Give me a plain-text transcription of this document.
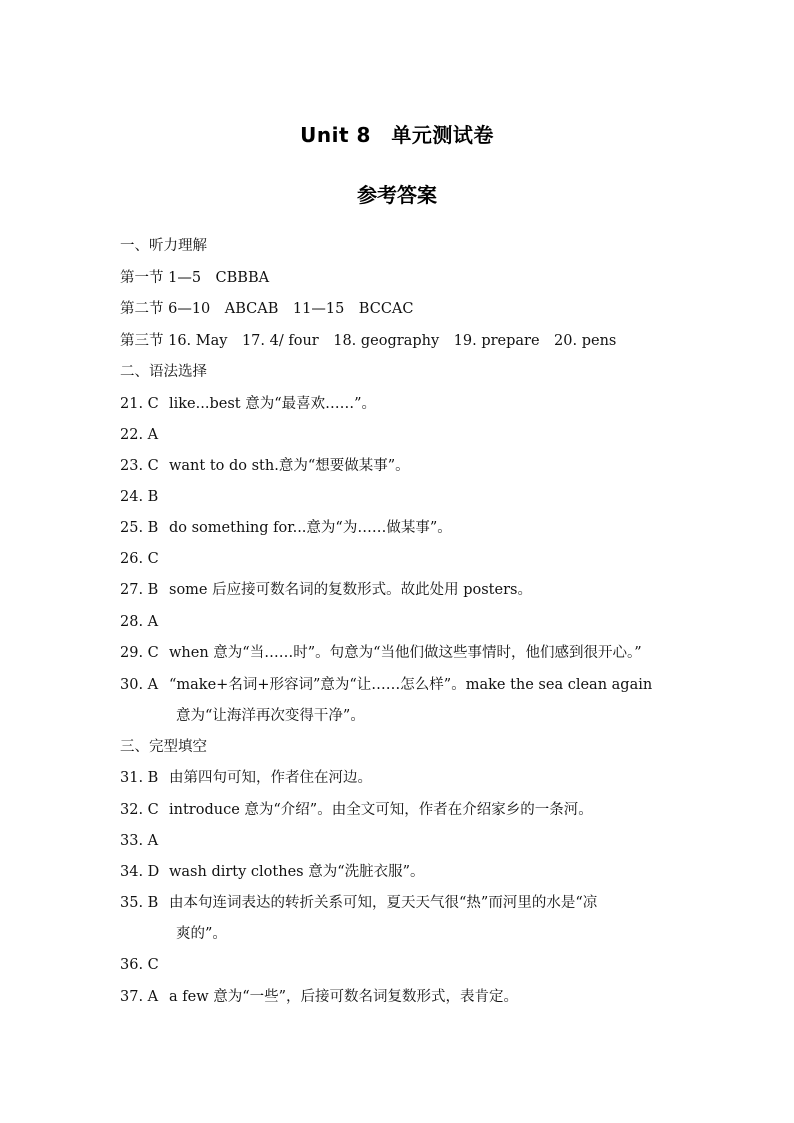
Unit 8　单元测试卷
参考答案
一、听力理解
第一节 1—5　CBBBA
第二节 6—10　ABCAB　11—15　BCCAC
第三节 16. May　17. 4/ four　18. geography　19. prepare　20. pens
二、语法选择
21. C like...best 意为“最喜欢……”。
22. A
23. C want to do sth.意为“想要做某事”。
24. B
25. B do something for...意为“为……做某事”。
26. C
27. B some 后应接可数名词的复数形式。故此处用 posters。
28. A
29. C when 意为“当……时”。句意为“当他们做这些事情时，他们感到很开心。”
30. A “make+名词+形容词”意为“让……怎么样”。make the sea clean again
意为“让海洋再次变得干净”。
三、完型填空
31. B 由第四句可知，作者住在河边。
32. C introduce 意为“介绍”。由全文可知，作者在介绍家乡的一条河。
33. A
34. D wash dirty clothes 意为“洗脏衣服”。
35. B 由本句连词表达的转折关系可知，夏天天气很“热”而河里的水是“凉
爽的”。
36. C
37. A a few 意为“一些”，后接可数名词复数形式，表肯定。
